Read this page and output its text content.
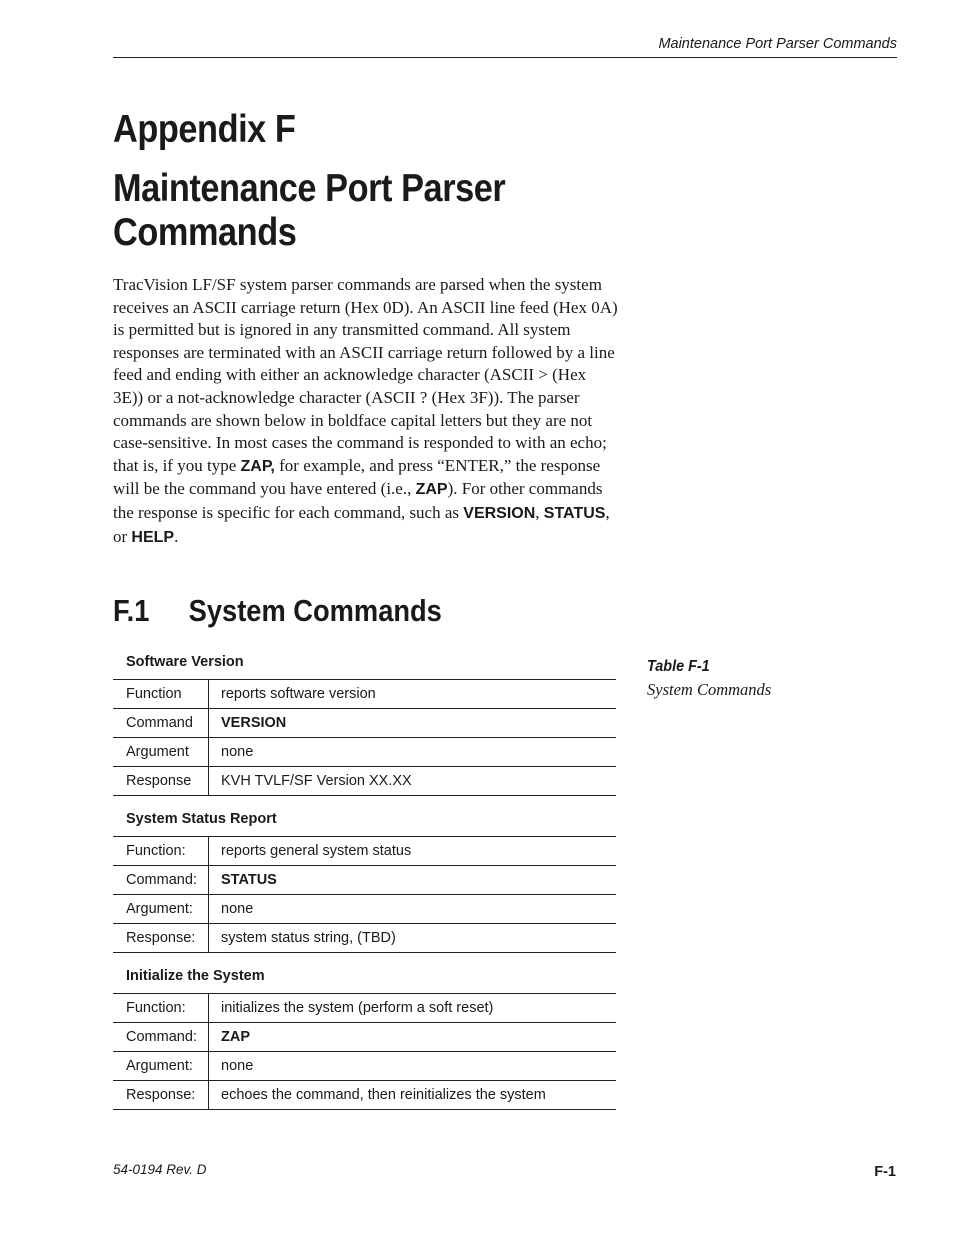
Maintenance Port Parser Commands
Appendix F
Maintenance Port Parser
Commands

TracVision LF/SF system parser commands are parsed when the system receives an ASCII carriage return (Hex 0D). An ASCII line feed (Hex 0A) is permitted but is ignored in any transmitted command. All system responses are terminated with an ASCII carriage return followed by a line feed and ending with either an acknowledge character (ASCII > (Hex 3E)) or a not-acknowledge character (ASCII ? (Hex 3F)). The parser commands are shown below in boldface capital letters but they are not case-sensitive. In most cases the command is responded to with an echo; that is, if you type ZAP, for example, and press “ENTER,” the response will be the command you have entered (i.e., ZAP). For other commands the response is specific for each command, such as VERSION, STATUS, or HELP.

F.1 System Commands
Software Version
Function	reports software version
Command	VERSION
Argument	none
Response	KVH TVLF/SF Version XX.XX
System Status Report
Function:	reports general system status
Command:	STATUS
Argument:	none
Response:	system status string, (TBD)
Initialize the System
Function:	initializes the system (perform a soft reset)
Command:	ZAP
Argument:	none
Response:	echoes the command, then reinitializes the system
Table F-1
System Commands
54-0194 Rev. D	F-1
